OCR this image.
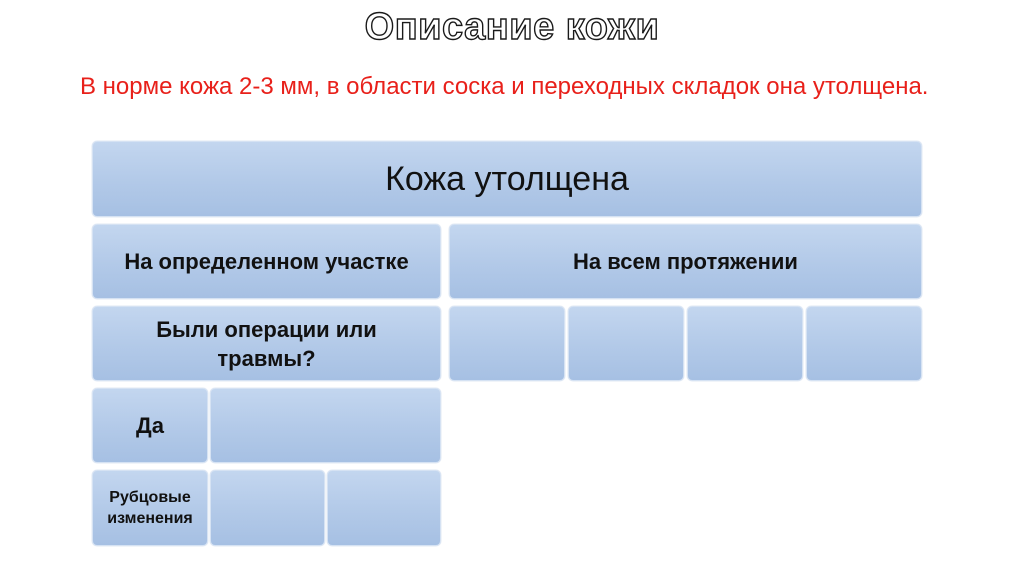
Описание кожи
В норме кожа 2-3 мм, в области соска и переходных складок она утолщена.
Кожа утолщена
На определенном участке	На всем протяжении
Были операции или травмы?
Да
Рубцовые изменения
